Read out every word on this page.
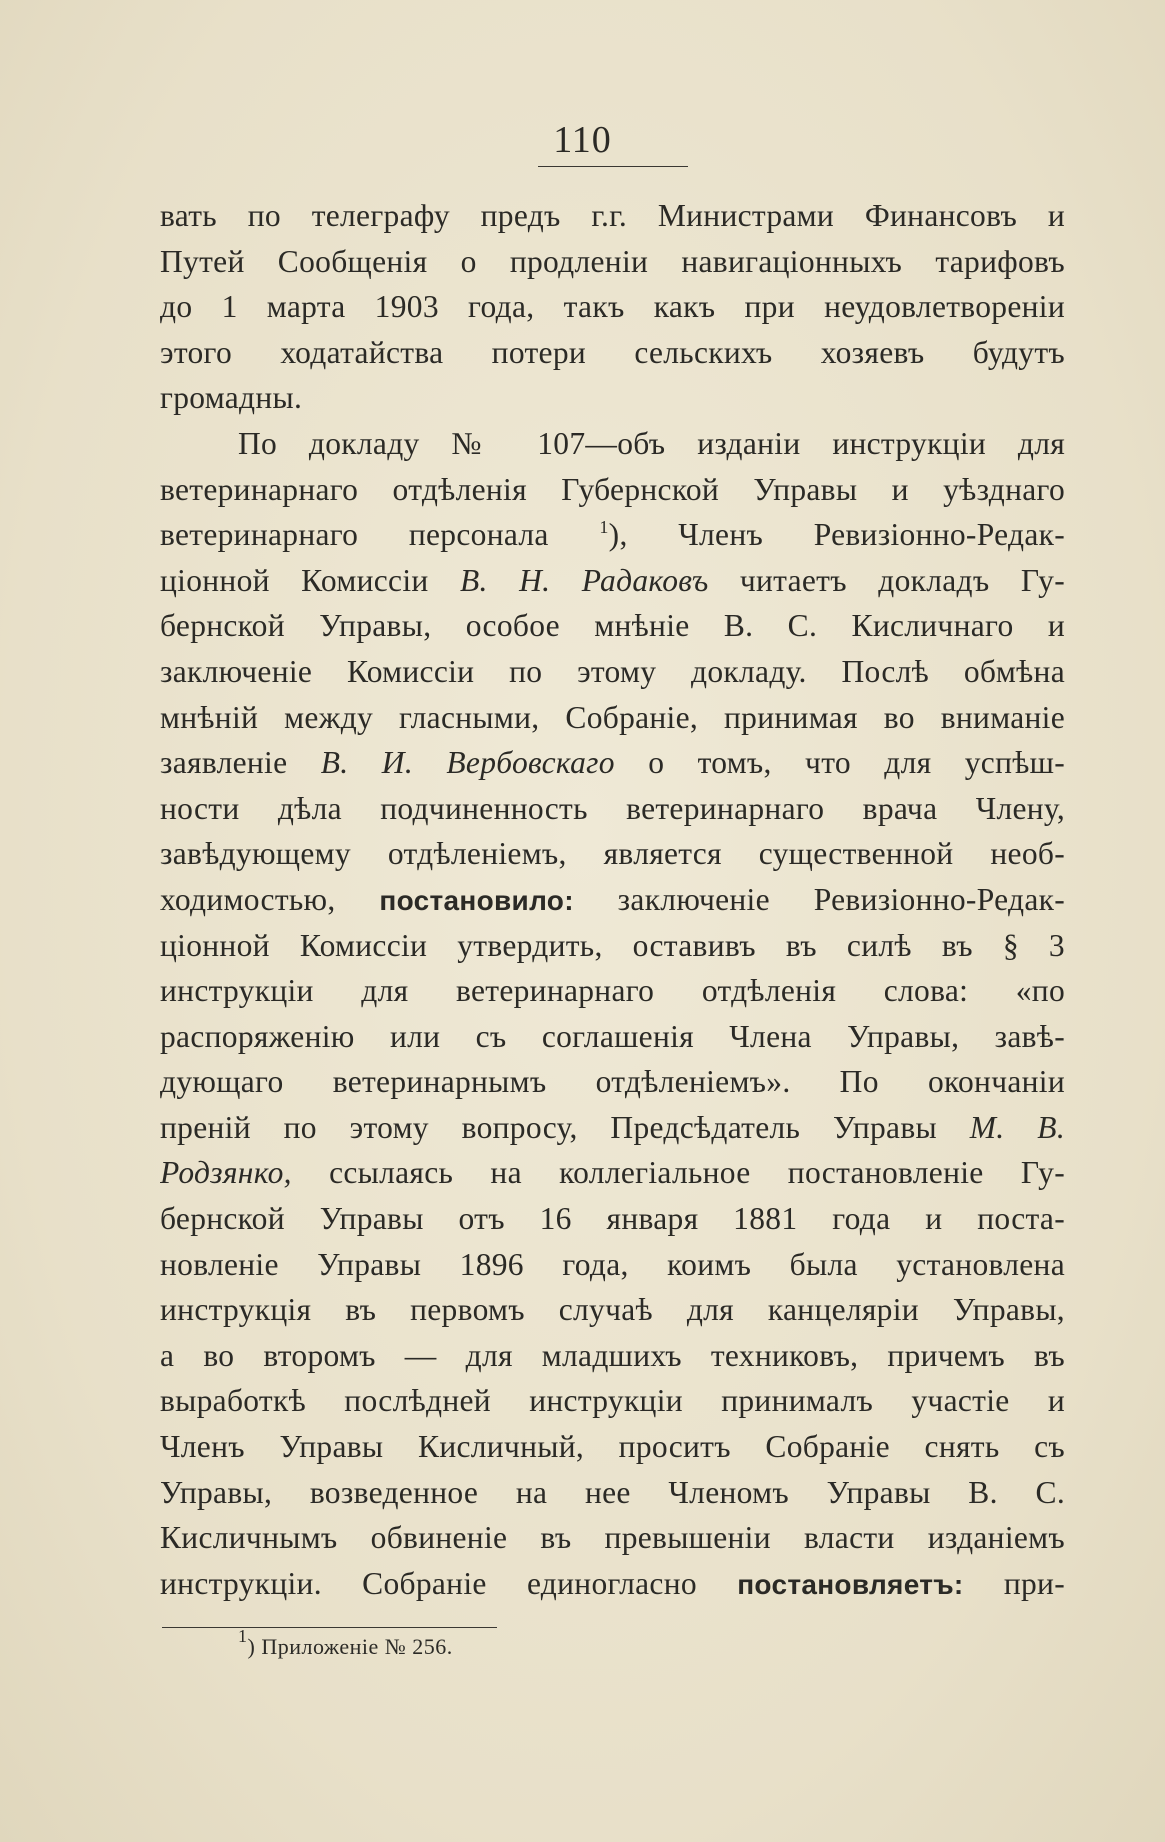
110
вать по телеграфу предъ г.г. Министрами Финансовъ и
Путей Сообщенія о продленіи навигаціонныхъ тарифовъ
до 1 марта 1903 года, такъ какъ при неудовлетвореніи
этого ходатайства потери сельскихъ хозяевъ будутъ
громадны.
По докладу № 107—объ изданіи инструкціи для
ветеринарнаго отдѣленія Губернской Управы и уѣзднаго
ветеринарнаго персонала $^1$), Членъ Ревизіонно-Редак-
ціонной Комиссіи В. Н. Радаковъ читаетъ докладъ Гу-
бернской Управы, особое мнѣніе В. С. Кисличнаго и
заключеніе Комиссіи по этому докладу. Послѣ обмѣна
мнѣній между гласными, Собраніе, принимая во вниманіе
заявленіе В. И. Вербовскаго о томъ, что для успѣш-
ности дѣла подчиненность ветеринарнаго врача Члену,
завѣдующему отдѣленіемъ, является существенной необ-
ходимостью, постановило: заключеніе Ревизіонно-Редак-
ціонной Комиссіи утвердить, оставивъ въ силѣ въ § 3
инструкціи для ветеринарнаго отдѣленія слова: «по
распоряженію или съ соглашенія Члена Управы, завѣ-
дующаго ветеринарнымъ отдѣленіемъ». По окончаніи
преній по этому вопросу, Предсѣдатель Управы М. В.
Родзянко, ссылаясь на коллегіальное постановленіе Гу-
бернской Управы отъ 16 января 1881 года и поста-
новленіе Управы 1896 года, коимъ была установлена
инструкція въ первомъ случаѣ для канцеляріи Управы,
а во второмъ — для младшихъ техниковъ, причемъ въ
выработкѣ послѣдней инструкціи принималъ участіе и
Членъ Управы Кисличный, проситъ Собраніе снять съ
Управы, возведенное на нее Членомъ Управы В. С.
Кисличнымъ обвиненіе въ превышеніи власти изданіемъ
инструкціи. Собраніе единогласно постановляетъ: при-
$^1$) Приложеніе № 256.
